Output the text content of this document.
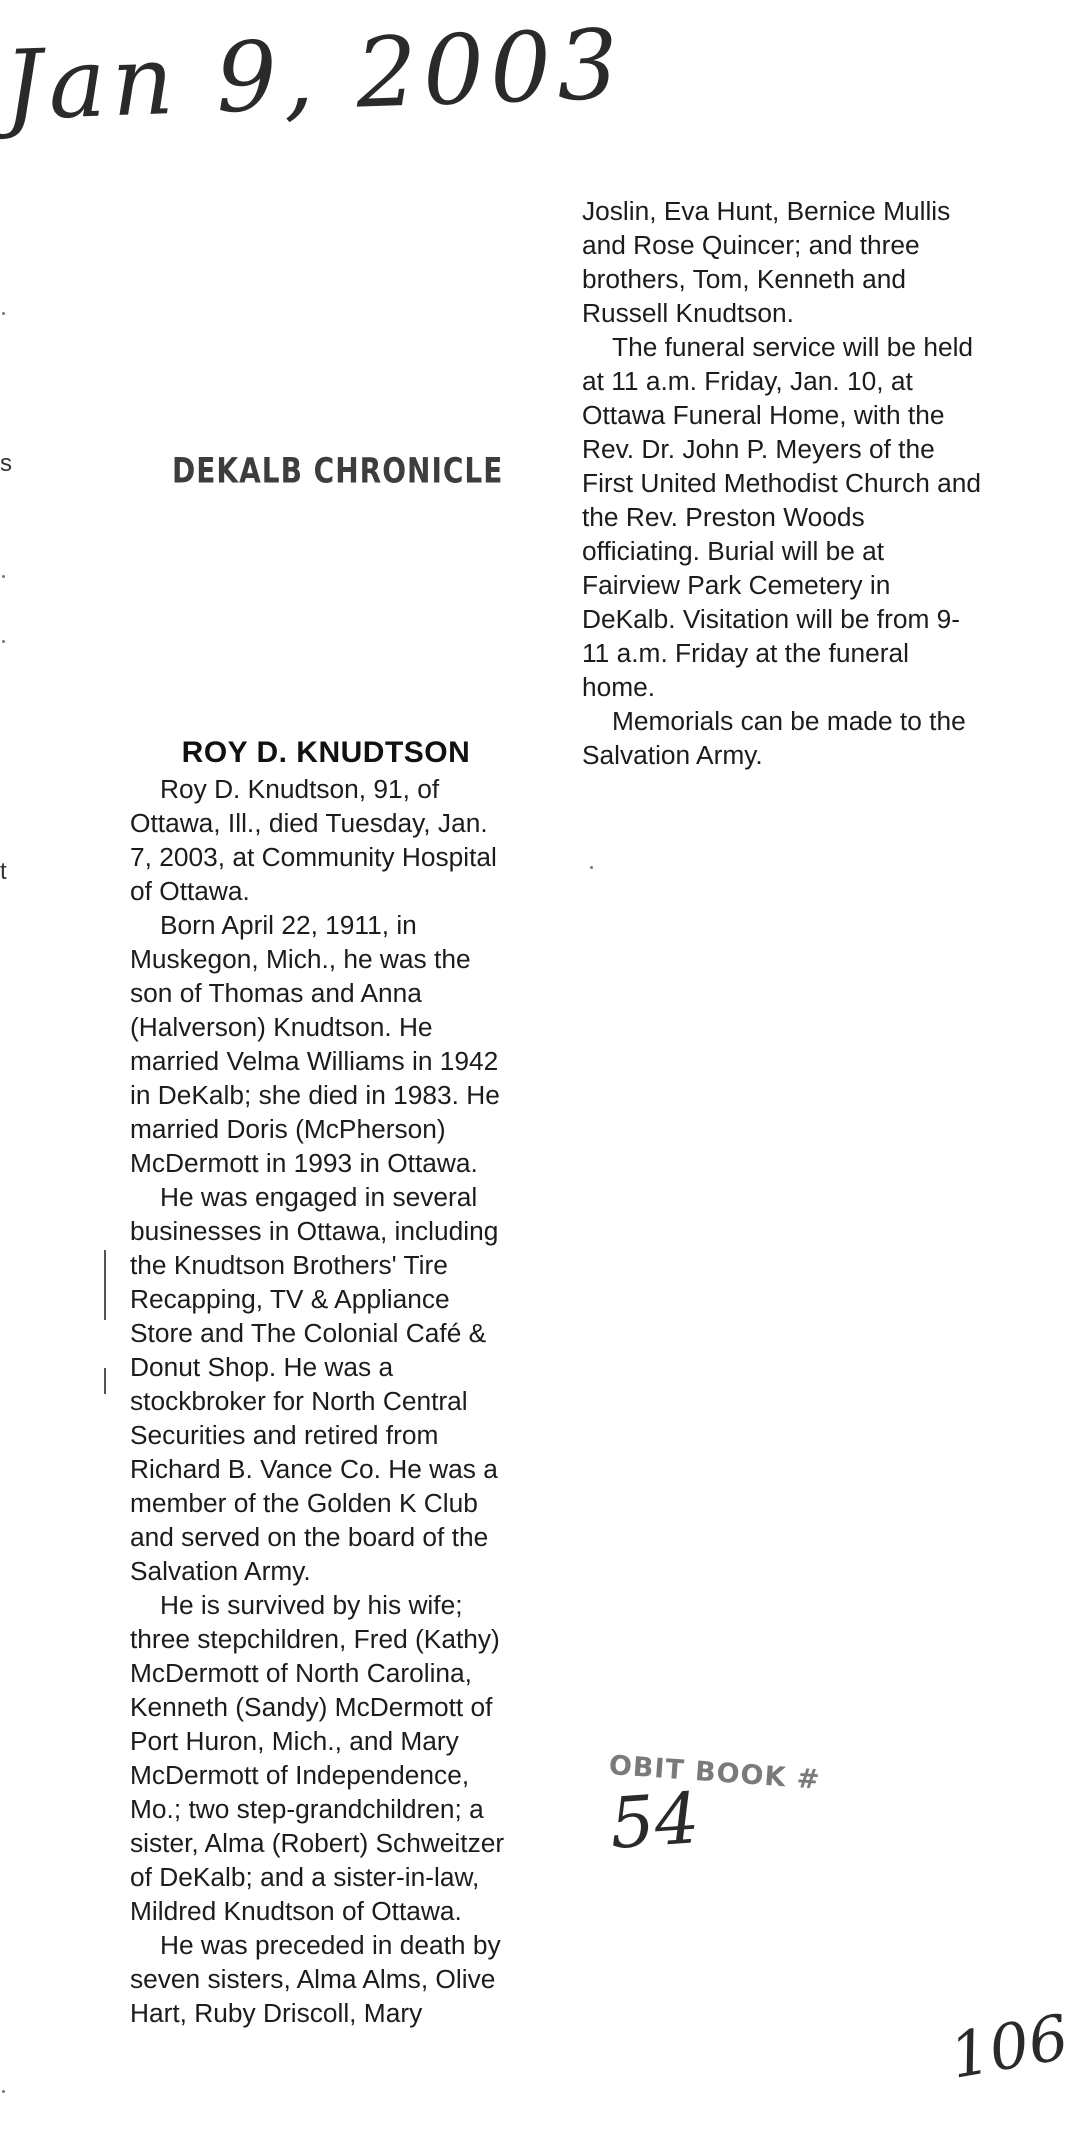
Jan 9, 2003
106
DEKALB CHRONICLE
OBIT BOOK #
54
s
t
ROY D. KNUDTSON

Roy D. Knudtson, 91, of Ottawa, Ill., died Tuesday, Jan. 7, 2003, at Community Hospital of Ottawa.

Born April 22, 1911, in Muskegon, Mich., he was the son of Thomas and Anna (Halverson) Knudtson. He married Velma Williams in 1942 in DeKalb; she died in 1983. He married Doris (McPherson) McDermott in 1993 in Ottawa.

He was engaged in several businesses in Ottawa, including the Knudtson Brothers' Tire Recapping, TV & Appliance Store and The Colonial Café & Donut Shop. He was a stockbroker for North Central Securities and retired from Richard B. Vance Co. He was a member of the Golden K Club and served on the board of the Salvation Army.

He is survived by his wife; three stepchildren, Fred (Kathy) McDermott of North Carolina, Kenneth (Sandy) McDermott of Port Huron, Mich., and Mary McDermott of Independence, Mo.; two step-grandchildren; a sister, Alma (Robert) Schweitzer of DeKalb; and a sister-in-law, Mildred Knudtson of Ottawa.

He was preceded in death by seven sisters, Alma Alms, Olive Hart, Ruby Driscoll, Mary

Joslin, Eva Hunt, Bernice Mullis and Rose Quincer; and three brothers, Tom, Kenneth and Russell Knudtson.

The funeral service will be held at 11 a.m. Friday, Jan. 10, at Ottawa Funeral Home, with the Rev. Dr. John P. Meyers of the First United Methodist Church and the Rev. Preston Woods officiating. Burial will be at Fairview Park Cemetery in DeKalb. Visitation will be from 9-11 a.m. Friday at the funeral home.

Memorials can be made to the Salvation Army.
